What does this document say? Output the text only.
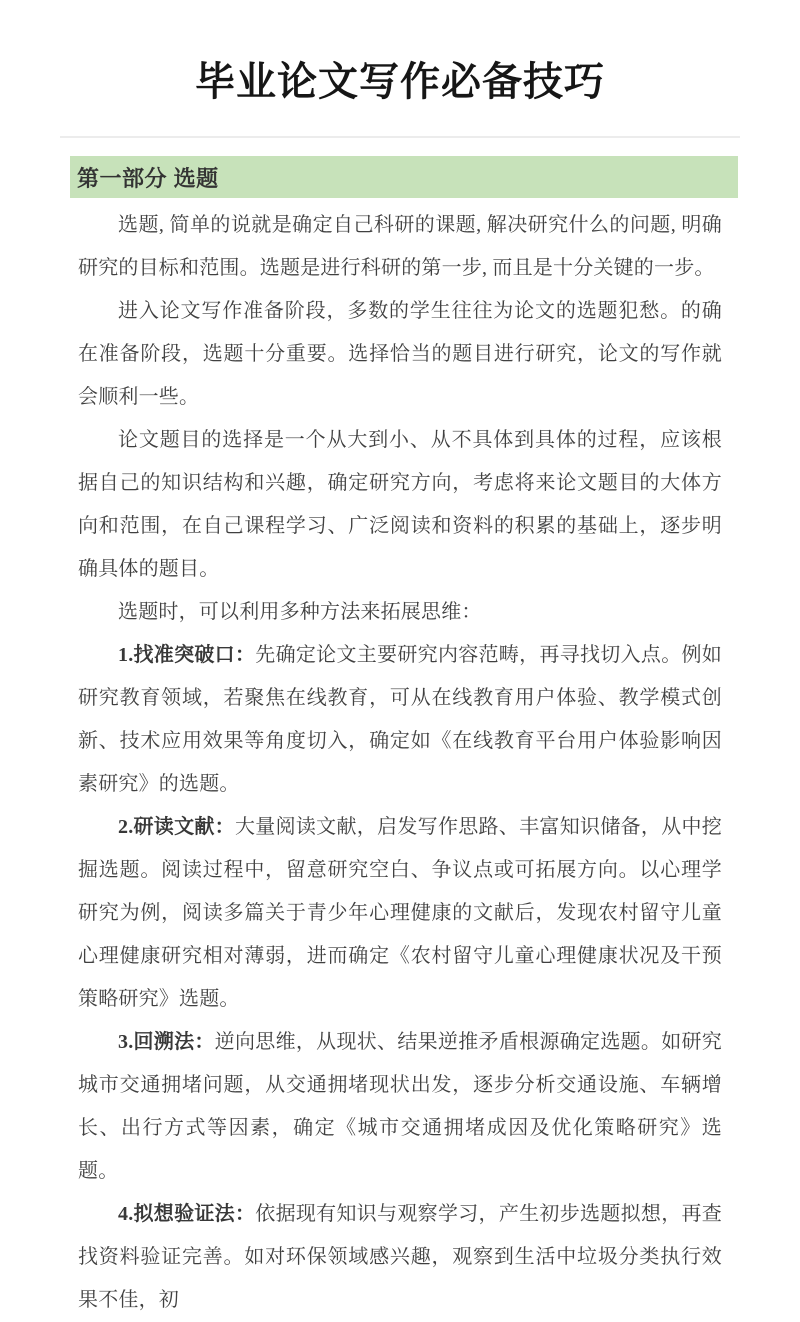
毕业论文写作必备技巧
第一部分 选题

选题, 简单的说就是确定自己科研的课题, 解决研究什么的问题, 明确研究的目标和范围。选题是进行科研的第一步, 而且是十分关键的一步。

进入论文写作准备阶段，多数的学生往往为论文的选题犯愁。的确在准备阶段，选题十分重要。选择恰当的题目进行研究，论文的写作就会顺利一些。

论文题目的选择是一个从大到小、从不具体到具体的过程，应该根据自己的知识结构和兴趣，确定研究方向，考虑将来论文题目的大体方向和范围，在自己课程学习、广泛阅读和资料的积累的基础上，逐步明确具体的题目。

选题时，可以利用多种方法来拓展思维：

1.找准突破口：先确定论文主要研究内容范畴，再寻找切入点。例如研究教育领域，若聚焦在线教育，可从在线教育用户体验、教学模式创新、技术应用效果等角度切入，确定如《在线教育平台用户体验影响因素研究》的选题。

2.研读文献：大量阅读文献，启发写作思路、丰富知识储备，从中挖掘选题。阅读过程中，留意研究空白、争议点或可拓展方向。以心理学研究为例，阅读多篇关于青少年心理健康的文献后，发现农村留守儿童心理健康研究相对薄弱，进而确定《农村留守儿童心理健康状况及干预策略研究》选题。

3.回溯法：逆向思维，从现状、结果逆推矛盾根源确定选题。如研究城市交通拥堵问题，从交通拥堵现状出发，逐步分析交通设施、车辆增长、出行方式等因素，确定《城市交通拥堵成因及优化策略研究》选题。

4.拟想验证法：依据现有知识与观察学习，产生初步选题拟想，再查找资料验证完善。如对环保领域感兴趣，观察到生活中垃圾分类执行效果不佳，初
